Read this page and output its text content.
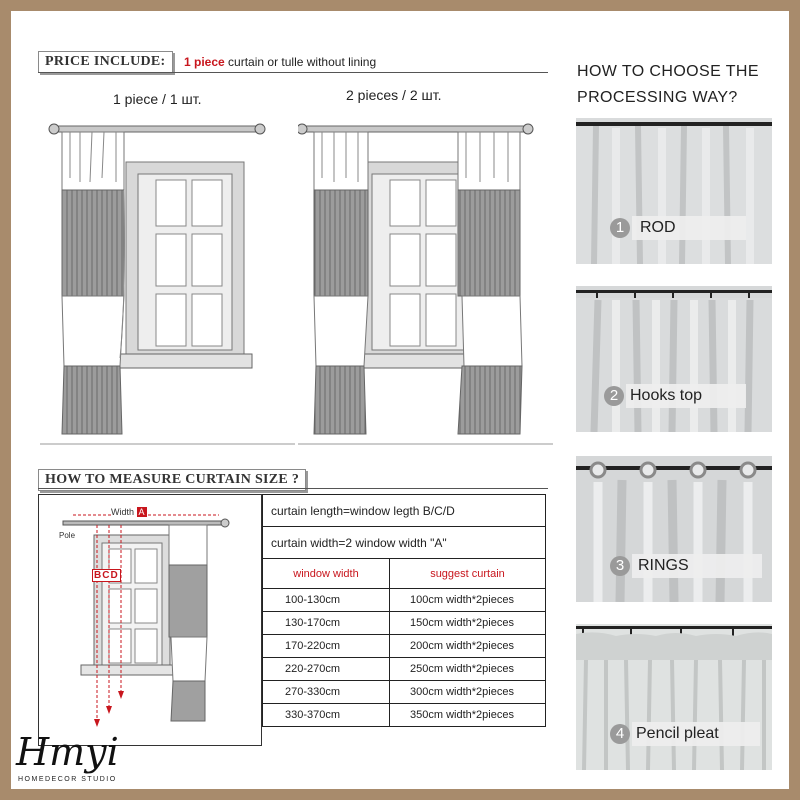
PRICE INCLUDE:	1 piece curtain or tulle without lining
1 piece / 1 шт.	2 pieces / 2 шт.
HOW TO CHOOSE THE
PROCESSING WAY?
1 ROD
2 Hooks top
3 RINGS
4 Pencil pleat
HOW TO MEASURE CURTAIN SIZE ?
Width A
BCD
Pole
curtain length=window legth B/C/D	
curtain width=2 window width "A"	
window width	suggest curtain
100-130cm	100cm width*2pieces
130-170cm	150cm width*2pieces
170-220cm	200cm width*2pieces
220-270cm	250cm width*2pieces
270-330cm	300cm width*2pieces
330-370cm	350cm width*2pieces
Hmyi
HOMEDECOR STUDIO
